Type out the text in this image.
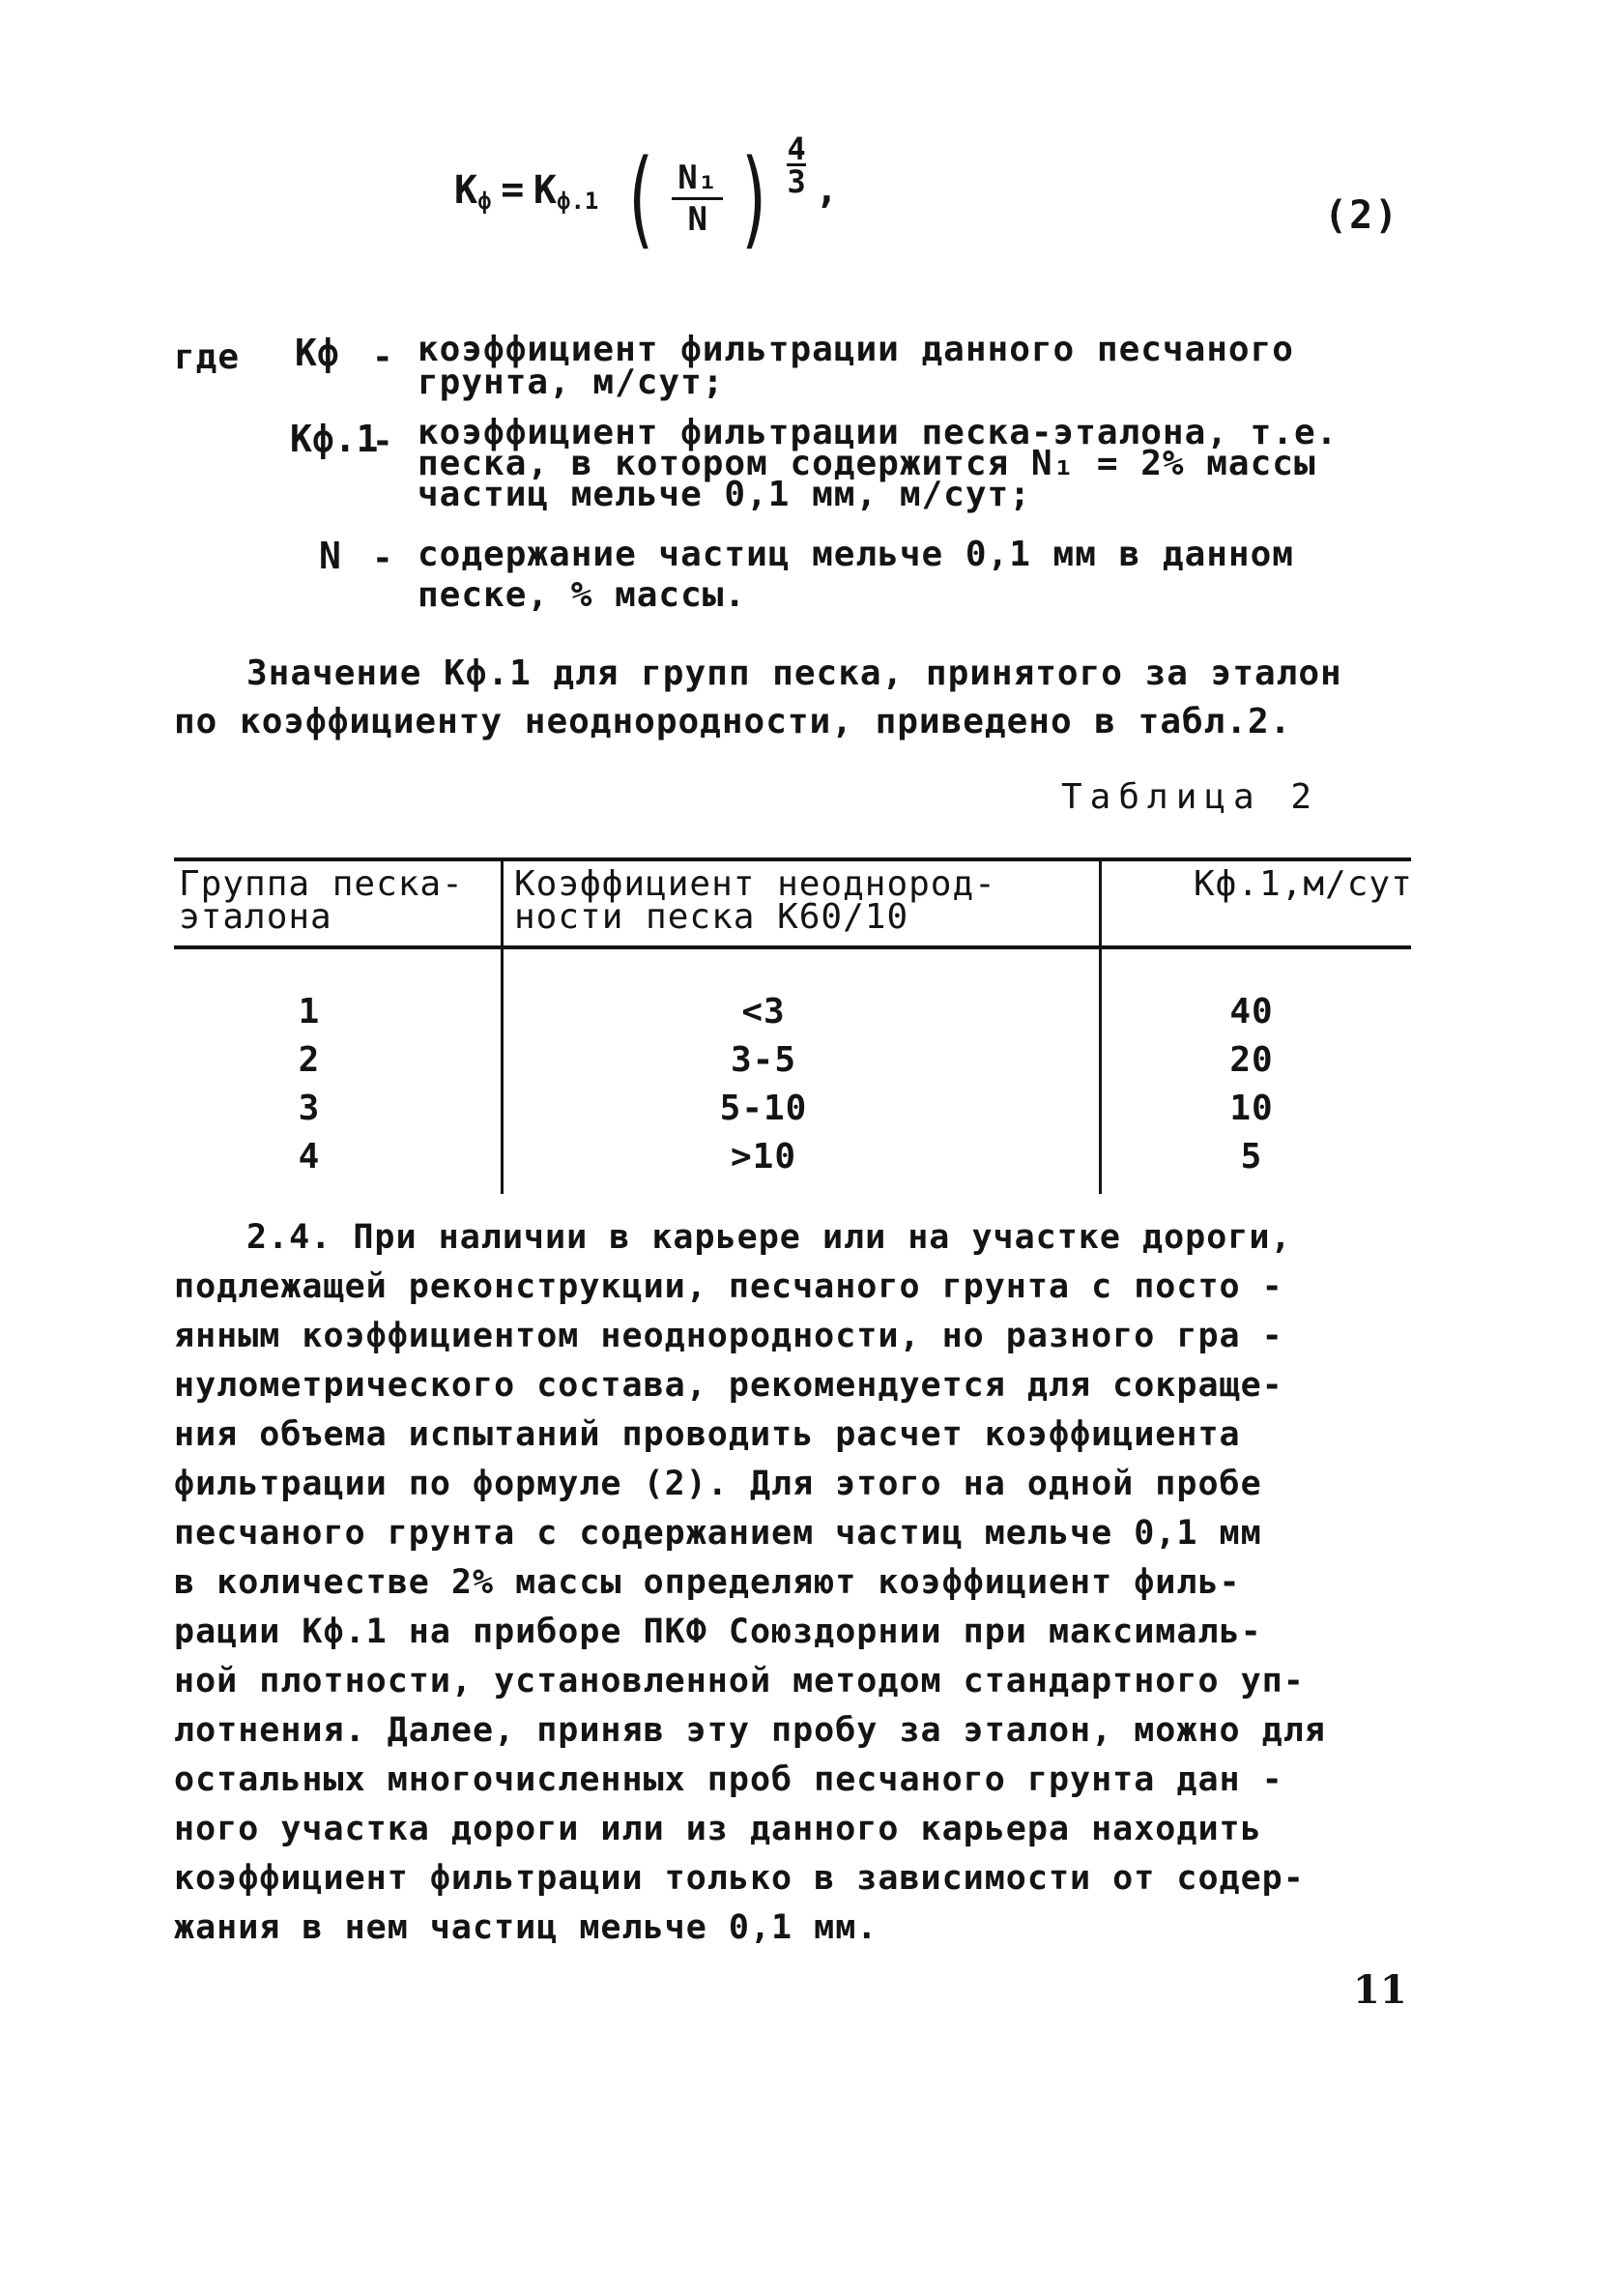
$K_ф = K_{ф.1}$ ( $\frac{\text{N₁}}{N}$ ) $\frac{4}{3}$ ,
(2)
где Kф - коэффициент фильтрации данного песчаного
грунта, м/сут;
Kф.1
- коэффициент фильтрации песка-эталона, т.е.
песка, в котором содержится N₁ = 2% массы
частиц мельче 0,1 мм, м/сут;
N - содержание частиц мельче 0,1 мм в данном
песке, % массы.
Значение Kф.1 для групп песка, принятого за эталон
по коэффициенту неоднородности, приведено в табл.2.
Таблица 2
Группа песка-
эталона
Коэффициент неоднород-
ности песка K60/10
Kф.1,м/сут
1
2
3
4
<3
3-5
5-10
>10
40
20
10
5
2.4. При наличии в карьере или на участке дороги,
подлежащей реконструкции, песчаного грунта с посто -
янным коэффициентом неоднородности, но разного гра -
нулометрического состава, рекомендуется для сокраще-
ния объема испытаний проводить расчет коэффициента
фильтрации по формуле (2). Для этого на одной пробе
песчаного грунта с содержанием частиц мельче 0,1 мм
в количестве 2% массы определяют коэффициент филь-
рации Kф.1 на приборе ПКФ Союздорнии при максималь-
ной плотности, установленной методом стандартного уп-
лотнения. Далее, приняв эту пробу за эталон, можно для
остальных многочисленных проб песчаного грунта дан -
ного участка дороги или из данного карьера находить
коэффициент фильтрации только в зависимости от содер-
жания в нем частиц мельче 0,1 мм.
11
